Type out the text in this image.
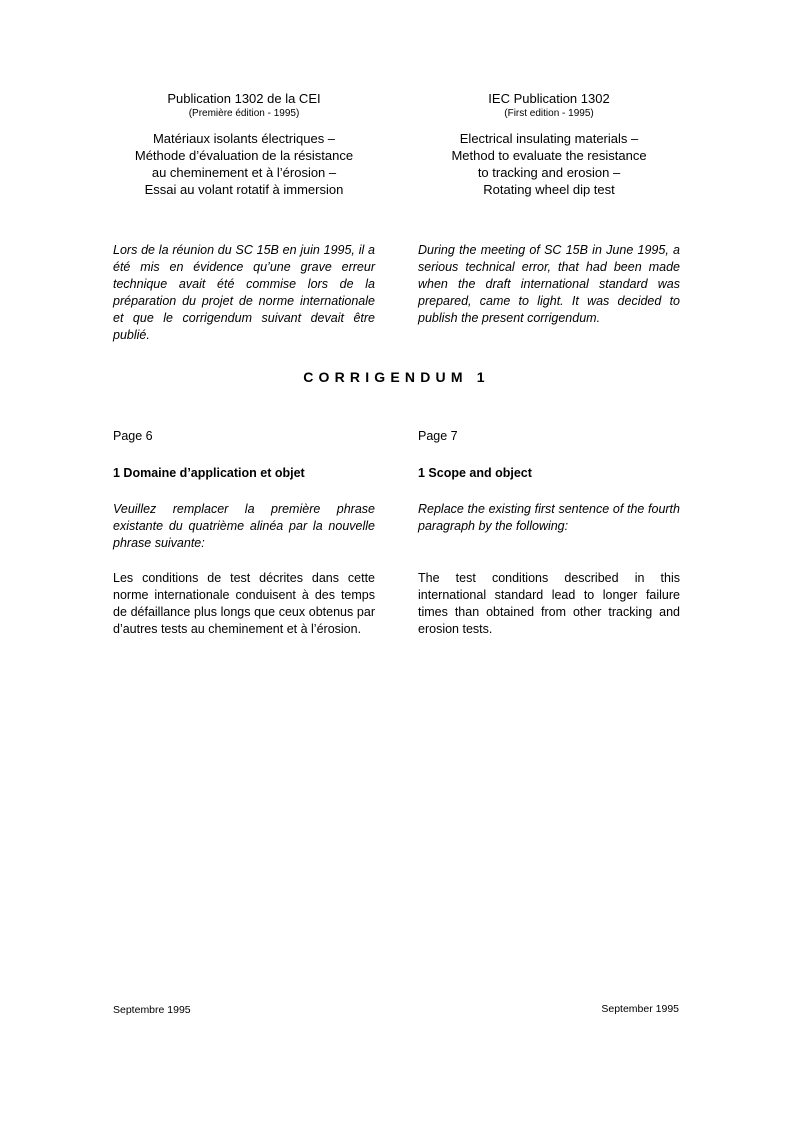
Publication 1302 de la CEI
(Première édition - 1995)
Matériaux isolants électriques –
Méthode d’évaluation de la résistance
au cheminement et à l’érosion –
Essai au volant rotatif à immersion
IEC Publication 1302
(First edition - 1995)
Electrical insulating materials –
Method to evaluate the resistance
to tracking and erosion –
Rotating wheel dip test
Lors de la réunion du SC 15B en juin 1995, il a été mis en évidence qu’une grave erreur technique avait été commise lors de la préparation du projet de norme internationale et que le corrigendum suivant devait être publié.
During the meeting of SC 15B in June 1995, a serious technical error, that had been made when the draft international standard was prepared, came to light. It was decided to publish the present corrigendum.
CORRIGENDUM 1
Page 6
1 Domaine d’application et objet
Veuillez remplacer la première phrase existante du quatrième alinéa par la nouvelle phrase suivante:
Les conditions de test décrites dans cette norme internationale conduisent à des temps de défaillance plus longs que ceux obtenus par d’autres tests au cheminement et à l’érosion.
Page 7
1 Scope and object
Replace the existing first sentence of the fourth paragraph by the following:
The test conditions described in this international standard lead to longer failure times than obtained from other tracking and erosion tests.
Septembre 1995	September 1995
